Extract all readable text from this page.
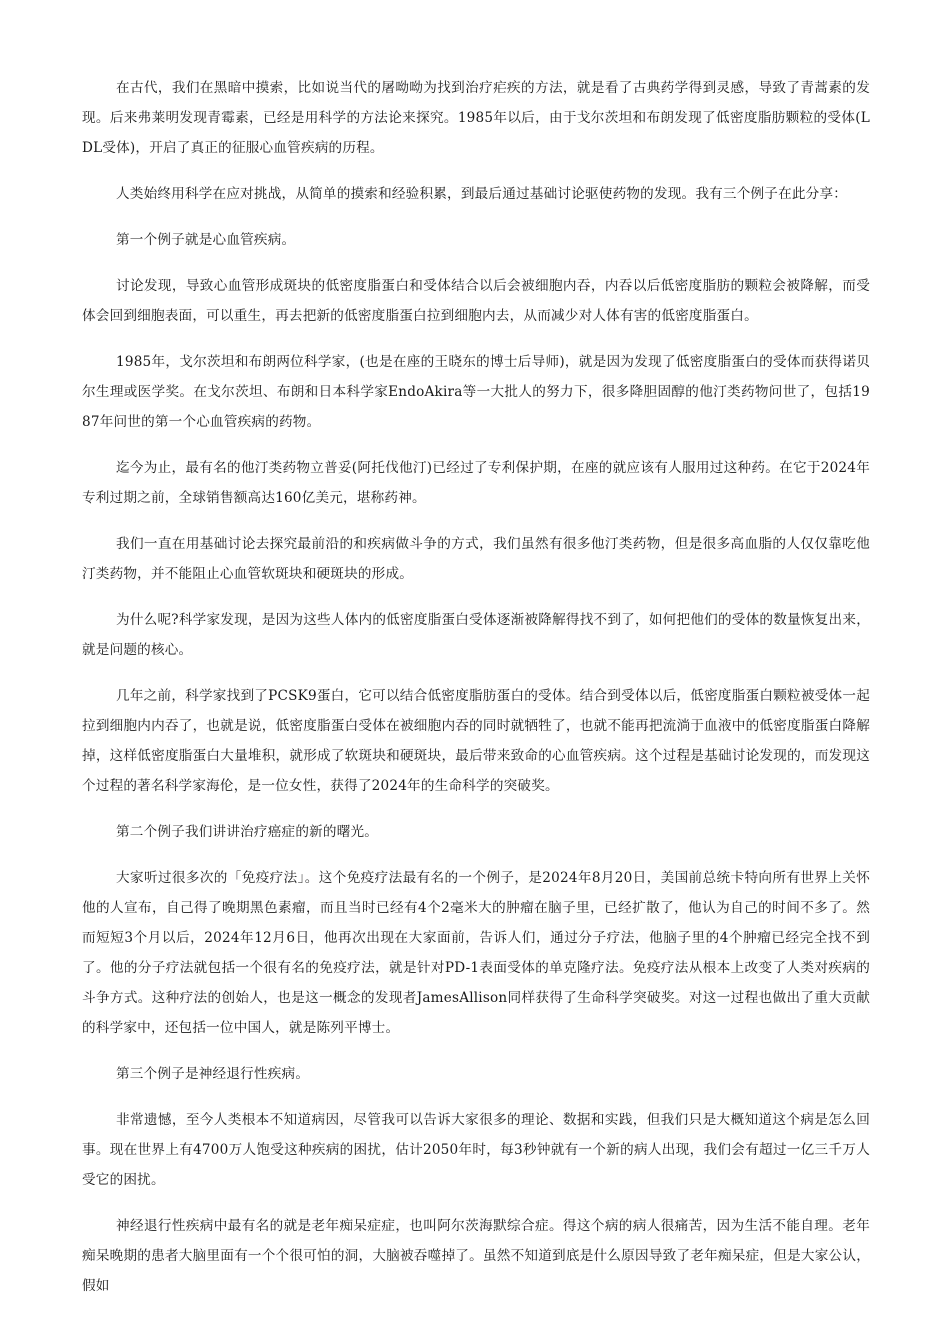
在古代，我们在黑暗中摸索，比如说当代的屠呦呦为找到治疗疟疾的方法，就是看了古典药学得到灵感，导致了青蒿素的发现。后来弗莱明发现青霉素，已经是用科学的方法论来探究。1985年以后，由于戈尔茨坦和布朗发现了低密度脂肪颗粒的受体(LDL受体)，开启了真正的征服心血管疾病的历程。

人类始终用科学在应对挑战，从简单的摸索和经验积累，到最后通过基础讨论驱使药物的发现。我有三个例子在此分享：

第一个例子就是心血管疾病。

讨论发现，导致心血管形成斑块的低密度脂蛋白和受体结合以后会被细胞内吞，内吞以后低密度脂肪的颗粒会被降解，而受体会回到细胞表面，可以重生，再去把新的低密度脂蛋白拉到细胞内去，从而减少对人体有害的低密度脂蛋白。

1985年，戈尔茨坦和布朗两位科学家，(也是在座的王晓东的博士后导师)，就是因为发现了低密度脂蛋白的受体而获得诺贝尔生理或医学奖。在戈尔茨坦、布朗和日本科学家EndoAkira等一大批人的努力下，很多降胆固醇的他汀类药物问世了，包括1987年问世的第一个心血管疾病的药物。

迄今为止，最有名的他汀类药物立普妥(阿托伐他汀)已经过了专利保护期，在座的就应该有人服用过这种药。在它于2024年专利过期之前，全球销售额高达160亿美元，堪称药神。

我们一直在用基础讨论去探究最前沿的和疾病做斗争的方式，我们虽然有很多他汀类药物，但是很多高血脂的人仅仅靠吃他汀类药物，并不能阻止心血管软斑块和硬斑块的形成。

为什么呢?科学家发现，是因为这些人体内的低密度脂蛋白受体逐渐被降解得找不到了，如何把他们的受体的数量恢复出来，就是问题的核心。

几年之前，科学家找到了PCSK9蛋白，它可以结合低密度脂肪蛋白的受体。结合到受体以后，低密度脂蛋白颗粒被受体一起拉到细胞内内吞了，也就是说，低密度脂蛋白受体在被细胞内吞的同时就牺牲了，也就不能再把流淌于血液中的低密度脂蛋白降解掉，这样低密度脂蛋白大量堆积，就形成了软斑块和硬斑块，最后带来致命的心血管疾病。这个过程是基础讨论发现的，而发现这个过程的著名科学家海伦，是一位女性，获得了2024年的生命科学的突破奖。

第二个例子我们讲讲治疗癌症的新的曙光。

大家听过很多次的「免疫疗法」。这个免疫疗法最有名的一个例子，是2024年8月20日，美国前总统卡特向所有世界上关怀他的人宣布，自己得了晚期黑色素瘤，而且当时已经有4个2毫米大的肿瘤在脑子里，已经扩散了，他认为自己的时间不多了。然而短短3个月以后，2024年12月6日，他再次出现在大家面前，告诉人们，通过分子疗法，他脑子里的4个肿瘤已经完全找不到了。他的分子疗法就包括一个很有名的免疫疗法，就是针对PD-1表面受体的单克隆疗法。免疫疗法从根本上改变了人类对疾病的斗争方式。这种疗法的创始人，也是这一概念的发现者JamesAllison同样获得了生命科学突破奖。对这一过程也做出了重大贡献的科学家中，还包括一位中国人，就是陈列平博士。

第三个例子是神经退行性疾病。

非常遗憾，至今人类根本不知道病因，尽管我可以告诉大家很多的理论、数据和实践，但我们只是大概知道这个病是怎么回事。现在世界上有4700万人饱受这种疾病的困扰，估计2050年时，每3秒钟就有一个新的病人出现，我们会有超过一亿三千万人受它的困扰。

神经退行性疾病中最有名的就是老年痴呆症症，也叫阿尔茨海默综合症。得这个病的病人很痛苦，因为生活不能自理。老年痴呆晚期的患者大脑里面有一个个很可怕的洞，大脑被吞噬掉了。虽然不知道到底是什么原因导致了老年痴呆症，但是大家公认，假如
